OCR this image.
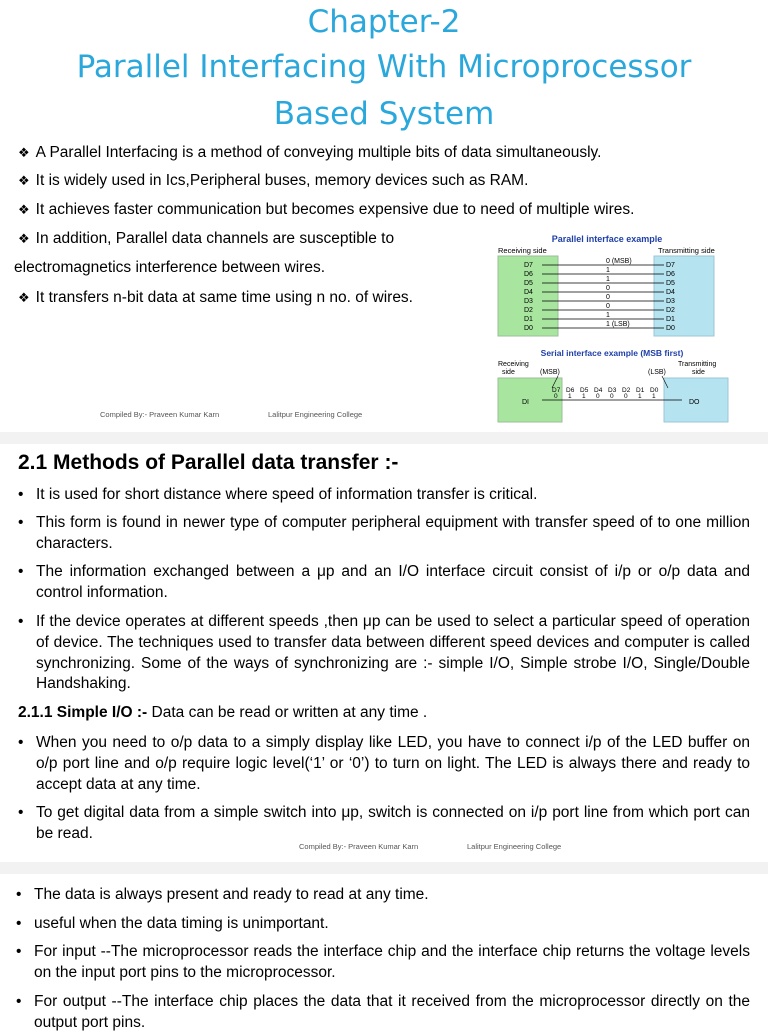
Chapter-2
Parallel Interfacing With Microprocessor
Based System
❖ A Parallel Interfacing is a method of conveying multiple bits of data simultaneously.
❖ It is widely used in Ics,Peripheral buses, memory devices such as RAM.
❖ It achieves faster communication but becomes expensive due to need of multiple wires.
❖ In addition, Parallel data channels are susceptible to
electromagnetics interference between wires.
❖ It transfers n-bit data at same time using n no. of wires.
Parallel interface example
Receiving side	Transmitting side
D7
D6
D5
D4
D3
D2
D1
D0
D7
D6
D5
D4
D3
D2
D1
D0
0 (MSB)
1
1
0
0
0
1
1 (LSB)
Serial interface example (MSB first)
Receiving
side
Transmitting
side
(MSB)	(LSB)
DI	DO
D7 D6 D5 D4 D3 D2 D1 D0
0 1 1 0 0 0 1 1
Compiled By:- Praveen Kumar Karn	Lalitpur Engineering College
2.1 Methods of Parallel data transfer :-
• It is used for short distance where speed of information transfer is critical.
• This form is found in newer type of computer peripheral equipment with transfer speed of to one million characters.
• The information exchanged between a μp and an I/O interface circuit consist of i/p or o/p data and control information.
• If the device operates at different speeds ,then μp can be used to select a particular speed of operation of device. The techniques used to transfer data between different speed devices and computer is called synchronizing. Some of the ways of synchronizing are :- simple I/O, Simple strobe I/O, Single/Double Handshaking.
2.1.1 Simple I/O :- Data can be read or written at any time .
• When you need to o/p data to a simply display like LED, you have to connect i/p of the LED buffer on o/p port line and o/p require logic level(‘1’ or ‘0’) to turn on light. The LED is always there and ready to accept data at any time.
• To get digital data from a simple switch into μp, switch is connected on i/p port line from which port can be read.
Compiled By:- Praveen Kumar Karn	Lalitpur Engineering College
• The data is always present and ready to read at any time.
• useful when the data timing is unimportant.
• For input --The microprocessor reads the interface chip and the interface chip returns the voltage levels on the input port pins to the microprocessor.
• For output --The interface chip places the data that it received from the microprocessor directly on the output port pins.
